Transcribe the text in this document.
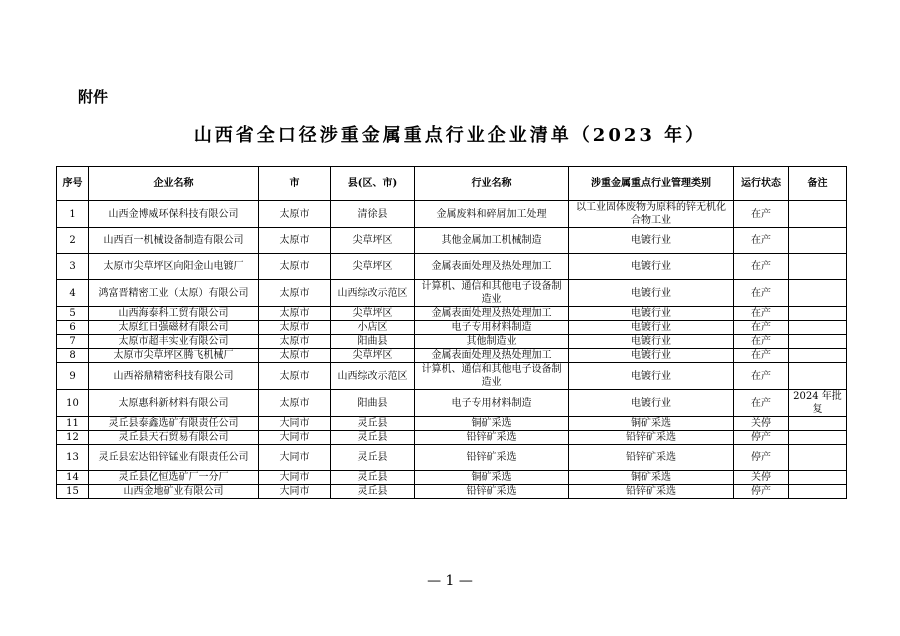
附件
山西省全口径涉重金属重点行业企业清单（2023 年）
序号	企业名称	市	县(区、市)	行业名称	涉重金属重点行业管理类别	运行状态	备注
1	山西金博威环保科技有限公司	太原市	清徐县	金属废料和碎屑加工处理	以工业固体废物为原料的锌无机化合物工业	在产	
2	山西百一机械设备制造有限公司	太原市	尖草坪区	其他金属加工机械制造	电镀行业	在产	
3	太原市尖草坪区向阳金山电镀厂	太原市	尖草坪区	金属表面处理及热处理加工	电镀行业	在产	
4	鸿富晋精密工业（太原）有限公司	太原市	山西综改示范区	计算机、通信和其他电子设备制造业	电镀行业	在产	
5	山西海泰科工贸有限公司	太原市	尖草坪区	金属表面处理及热处理加工	电镀行业	在产	
6	太原红日强磁材有限公司	太原市	小店区	电子专用材料制造	电镀行业	在产	
7	太原市超丰实业有限公司	太原市	阳曲县	其他制造业	电镀行业	在产	
8	太原市尖草坪区腾飞机械厂	太原市	尖草坪区	金属表面处理及热处理加工	电镀行业	在产	
9	山西裕鼎精密科技有限公司	太原市	山西综改示范区	计算机、通信和其他电子设备制造业	电镀行业	在产	
10	太原惠科新材料有限公司	太原市	阳曲县	电子专用材料制造	电镀行业	在产	2024 年批复
11	灵丘县泰鑫选矿有限责任公司	大同市	灵丘县	铜矿采选	铜矿采选	关停	
12	灵丘县天石贸易有限公司	大同市	灵丘县	铅锌矿采选	铅锌矿采选	停产	
13	灵丘县宏达铅锌锰业有限责任公司	大同市	灵丘县	铅锌矿采选	铅锌矿采选	停产	
14	灵丘县亿恒选矿厂一分厂	大同市	灵丘县	铜矿采选	铜矿采选	关停	
15	山西金地矿业有限公司	大同市	灵丘县	铅锌矿采选	铅锌矿采选	停产	
— 1 —
